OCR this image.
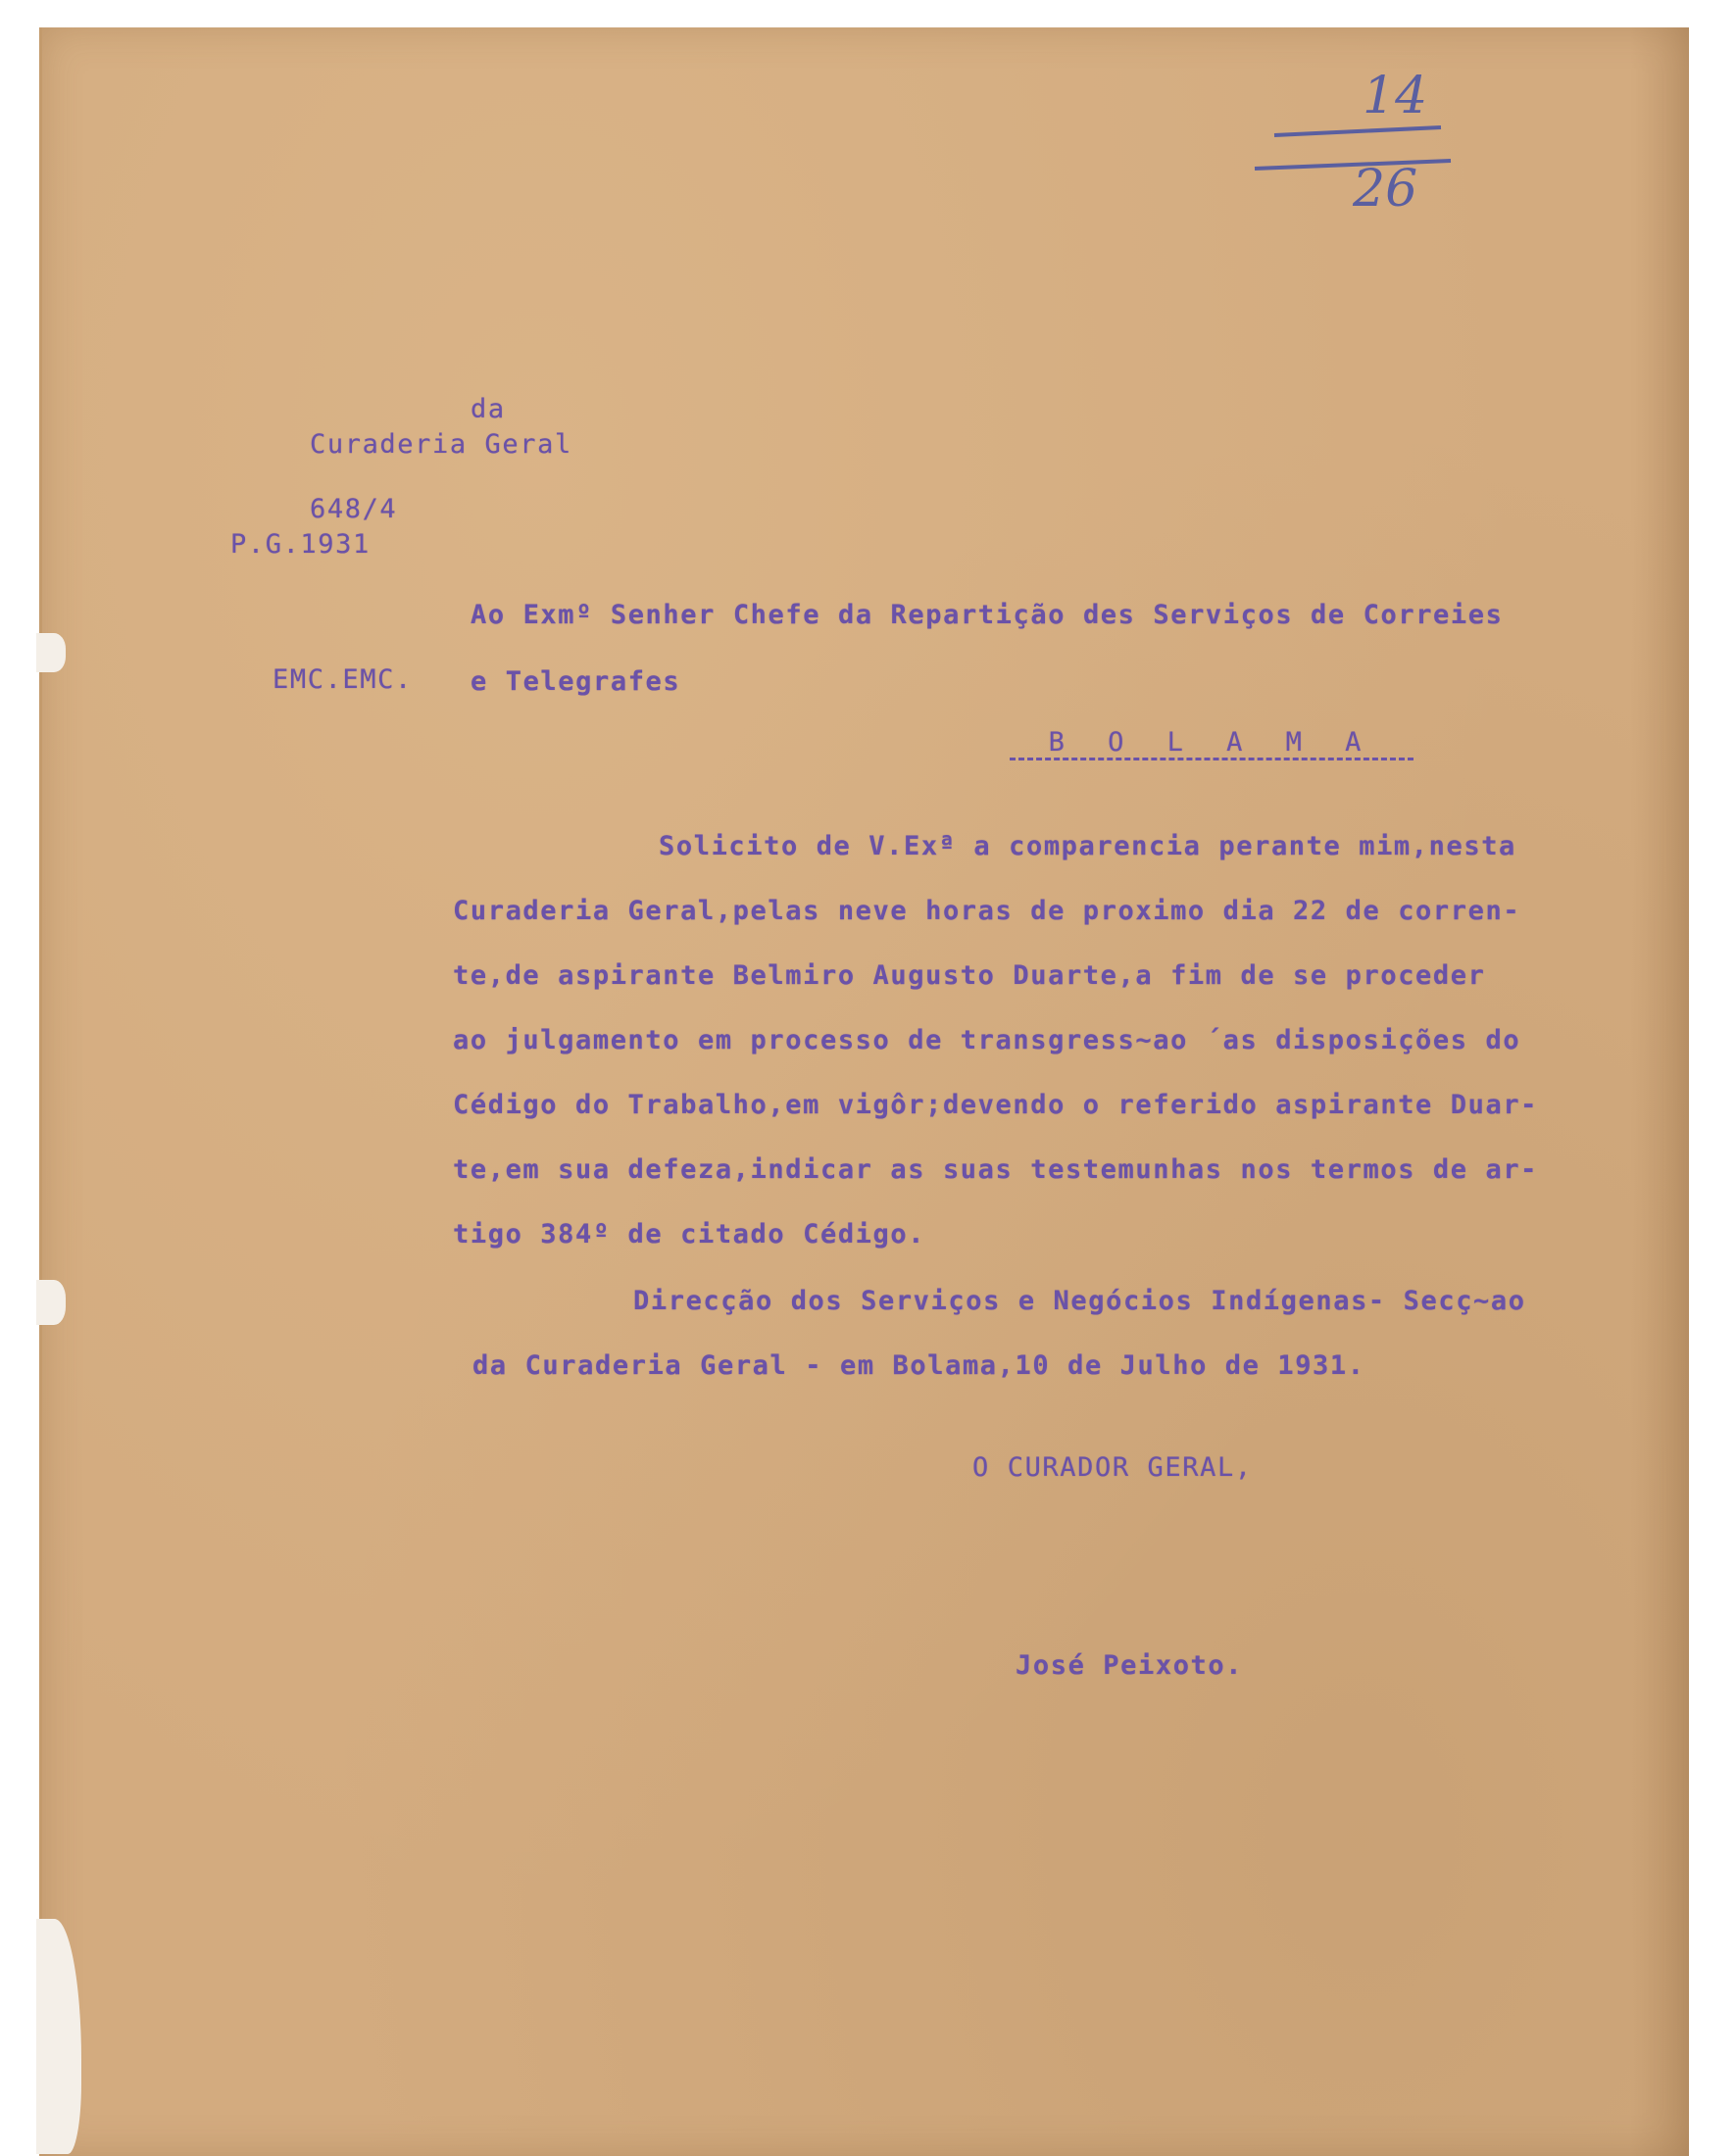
14
26
da
Curaderia Geral
648/4
P.G.1931
Ao Exmº Senher Chefe da Repartição des Serviços de Correies
EMC.EMC. e Telegrafes
B O L A M A
Solicito de V.Exª a comparencia perante mim,nesta
Curaderia Geral,pelas neve horas de proximo dia 22 de corren-
te,de aspirante Belmiro Augusto Duarte,a fim de se proceder
ao julgamento em processo de transgress~ao ´as disposições do
Cédigo do Trabalho,em vigôr;devendo o referido aspirante Duar-
te,em sua defeza,indicar as suas testemunhas nos termos de ar-
tigo 384º de citado Cédigo.
Direcção dos Serviços e Negócios Indígenas- Secç~ao
da Curaderia Geral - em Bolama,10 de Julho de 1931.
O CURADOR GERAL,
José Peixoto.
